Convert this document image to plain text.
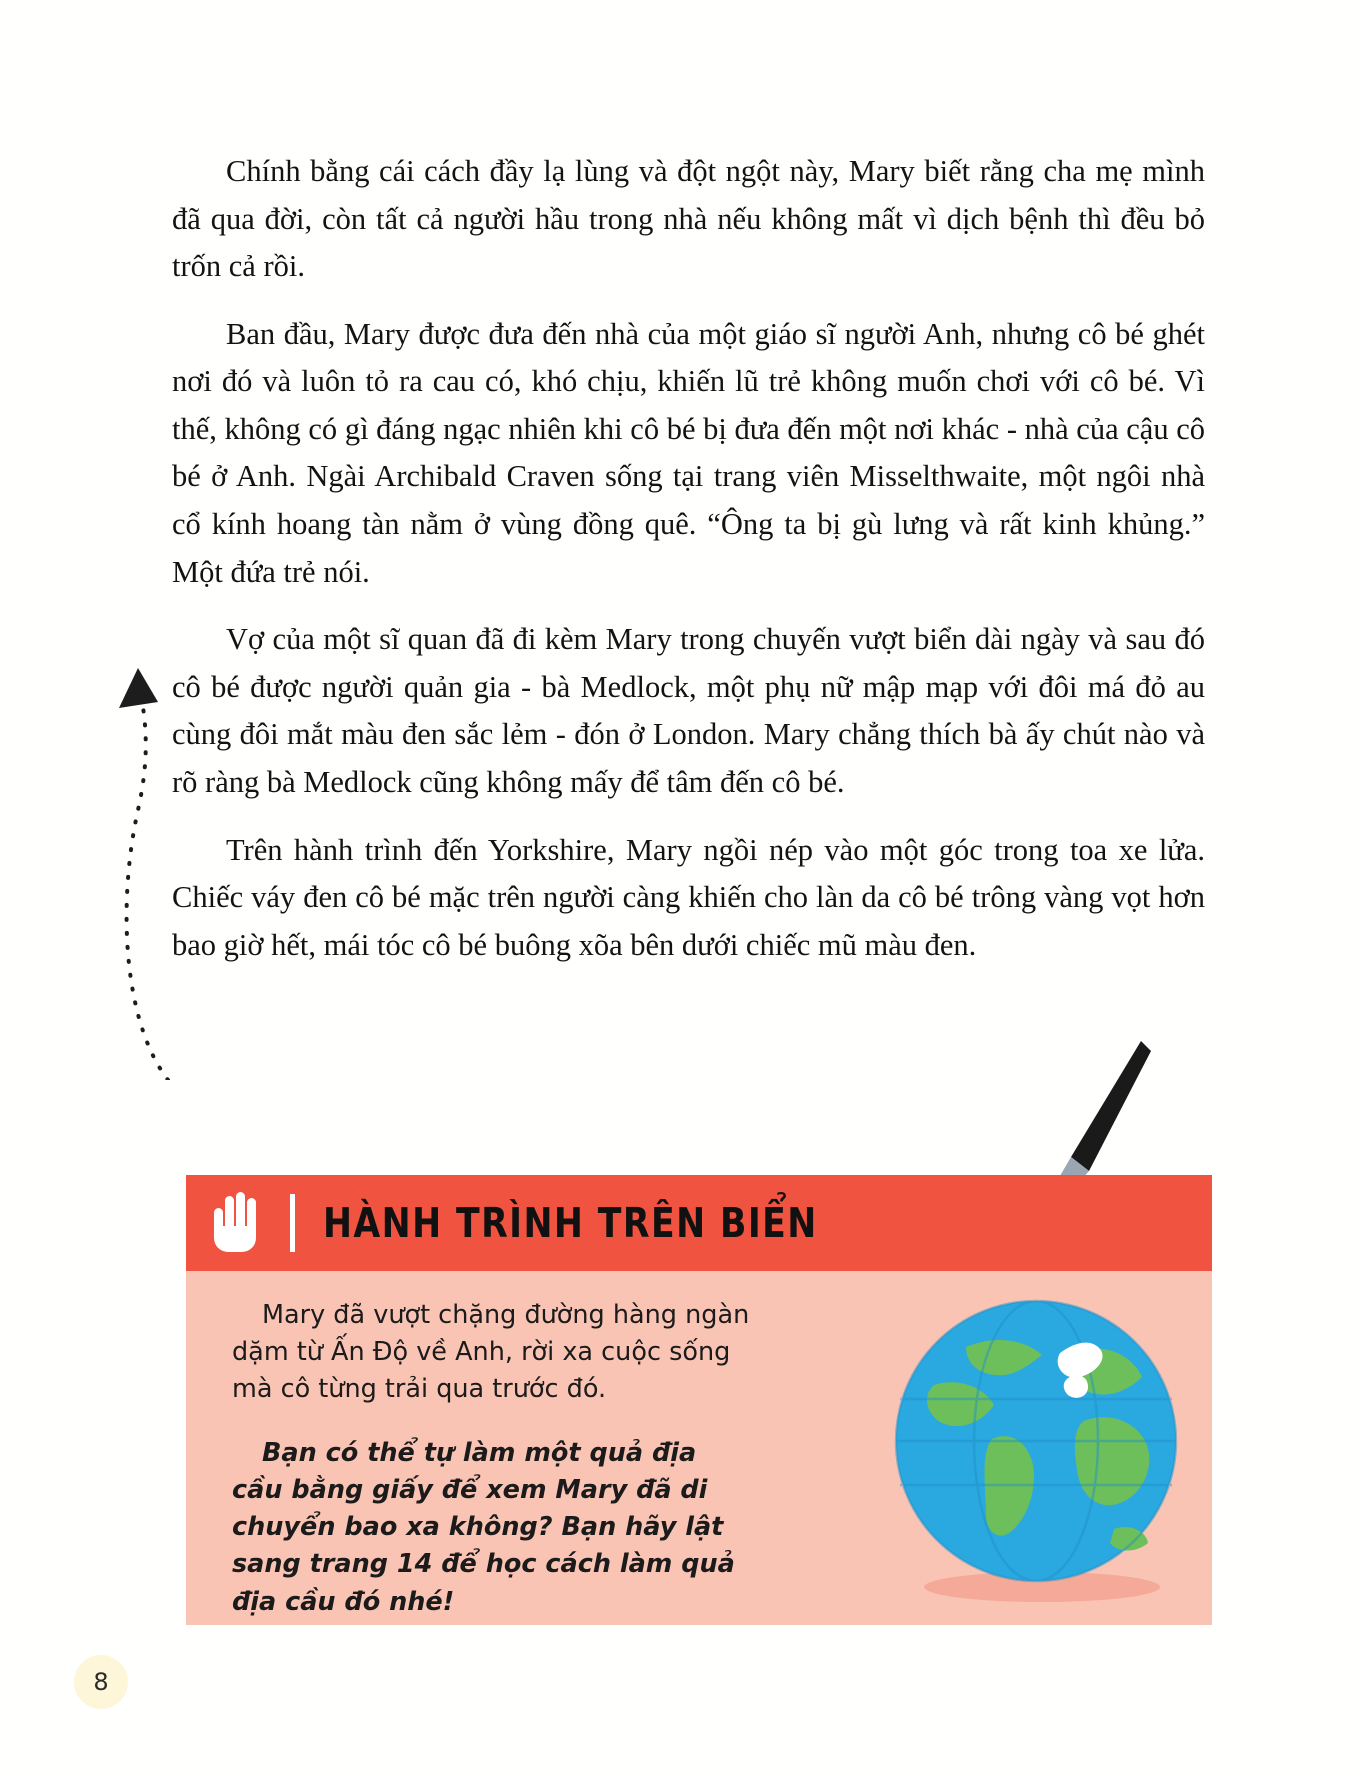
Chính bằng cái cách đầy lạ lùng và đột ngột này, Mary biết rằng cha mẹ mình đã qua đời, còn tất cả người hầu trong nhà nếu không mất vì dịch bệnh thì đều bỏ trốn cả rồi.

Ban đầu, Mary được đưa đến nhà của một giáo sĩ người Anh, nhưng cô bé ghét nơi đó và luôn tỏ ra cau có, khó chịu, khiến lũ trẻ không muốn chơi với cô bé. Vì thế, không có gì đáng ngạc nhiên khi cô bé bị đưa đến một nơi khác - nhà của cậu cô bé ở Anh. Ngài Archibald Craven sống tại trang viên Misselthwaite, một ngôi nhà cổ kính hoang tàn nằm ở vùng đồng quê. “Ông ta bị gù lưng và rất kinh khủng.” Một đứa trẻ nói.

Vợ của một sĩ quan đã đi kèm Mary trong chuyến vượt biển dài ngày và sau đó cô bé được người quản gia - bà Medlock, một phụ nữ mập mạp với đôi má đỏ au cùng đôi mắt màu đen sắc lẻm - đón ở London. Mary chẳng thích bà ấy chút nào và rõ ràng bà Medlock cũng không mấy để tâm đến cô bé.

Trên hành trình đến Yorkshire, Mary ngồi nép vào một góc trong toa xe lửa. Chiếc váy đen cô bé mặc trên người càng khiến cho làn da cô bé trông vàng vọt hơn bao giờ hết, mái tóc cô bé buông xõa bên dưới chiếc mũ màu đen.

HÀNH TRÌNH TRÊN BIỂN

Mary đã vượt chặng đường hàng ngàn dặm từ Ấn Độ về Anh, rời xa cuộc sống mà cô từng trải qua trước đó.

Bạn có thể tự làm một quả địa cầu bằng giấy để xem Mary đã di chuyển bao xa không? Bạn hãy lật sang trang 14 để học cách làm quả địa cầu đó nhé!

8
